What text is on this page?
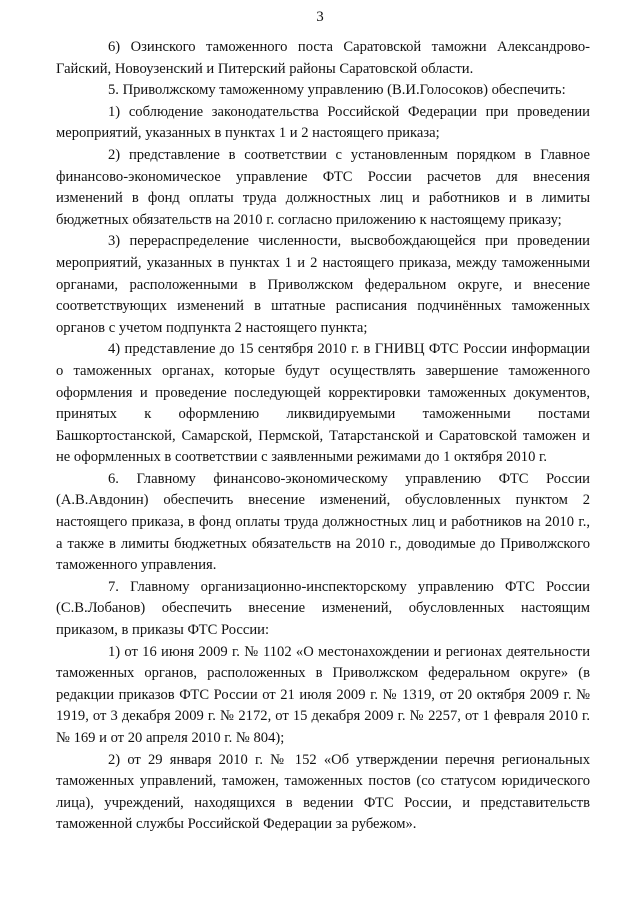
3

6) Озинского таможенного поста Саратовской таможни Александрово-Гайский, Новоузенский и Питерский районы Саратовской области.

5. Приволжскому таможенному управлению (В.И.Голосоков) обеспечить:

1) соблюдение законодательства Российской Федерации при проведении мероприятий, указанных в пунктах 1 и 2 настоящего приказа;

2) представление в соответствии с установленным порядком в Главное финансово-экономическое управление ФТС России расчетов для внесения изменений в фонд оплаты труда должностных лиц и работников и в лимиты бюджетных обязательств на 2010 г. согласно приложению к настоящему приказу;

3) перераспределение численности, высвобождающейся при проведении мероприятий, указанных в пунктах 1 и 2 настоящего приказа, между таможенными органами, расположенными в Приволжском федеральном округе, и внесение соответствующих изменений в штатные расписания подчинённых таможенных органов с учетом подпункта 2 настоящего пункта;

4) представление до 15 сентября 2010 г. в ГНИВЦ ФТС России информации о таможенных органах, которые будут осуществлять завершение таможенного оформления и проведение последующей корректировки таможенных документов, принятых к оформлению ликвидируемыми таможенными постами Башкортостанской, Самарской, Пермской, Татарстанской и Саратовской таможен и не оформленных в соответствии с заявленными режимами до 1 октября 2010 г.

6. Главному финансово-экономическому управлению ФТС России (А.В.Авдонин) обеспечить внесение изменений, обусловленных пунктом 2 настоящего приказа, в фонд оплаты труда должностных лиц и работников на 2010 г., а также в лимиты бюджетных обязательств на 2010 г., доводимые до Приволжского таможенного управления.

7. Главному организационно-инспекторскому управлению ФТС России (С.В.Лобанов) обеспечить внесение изменений, обусловленных настоящим приказом, в приказы ФТС России:

1) от 16 июня 2009 г. № 1102 «О местонахождении и регионах деятельности таможенных органов, расположенных в Приволжском федеральном округе» (в редакции приказов ФТС России от 21 июля 2009 г. № 1319, от 20 октября 2009 г. № 1919, от 3 декабря 2009 г. № 2172, от 15 декабря 2009 г. № 2257, от 1 февраля 2010 г. № 169 и от 20 апреля 2010 г. № 804);

2) от 29 января 2010 г. № 152 «Об утверждении перечня региональных таможенных управлений, таможен, таможенных постов (со статусом юридического лица), учреждений, находящихся в ведении ФТС России, и представительств таможенной службы Российской Федерации за рубежом».
